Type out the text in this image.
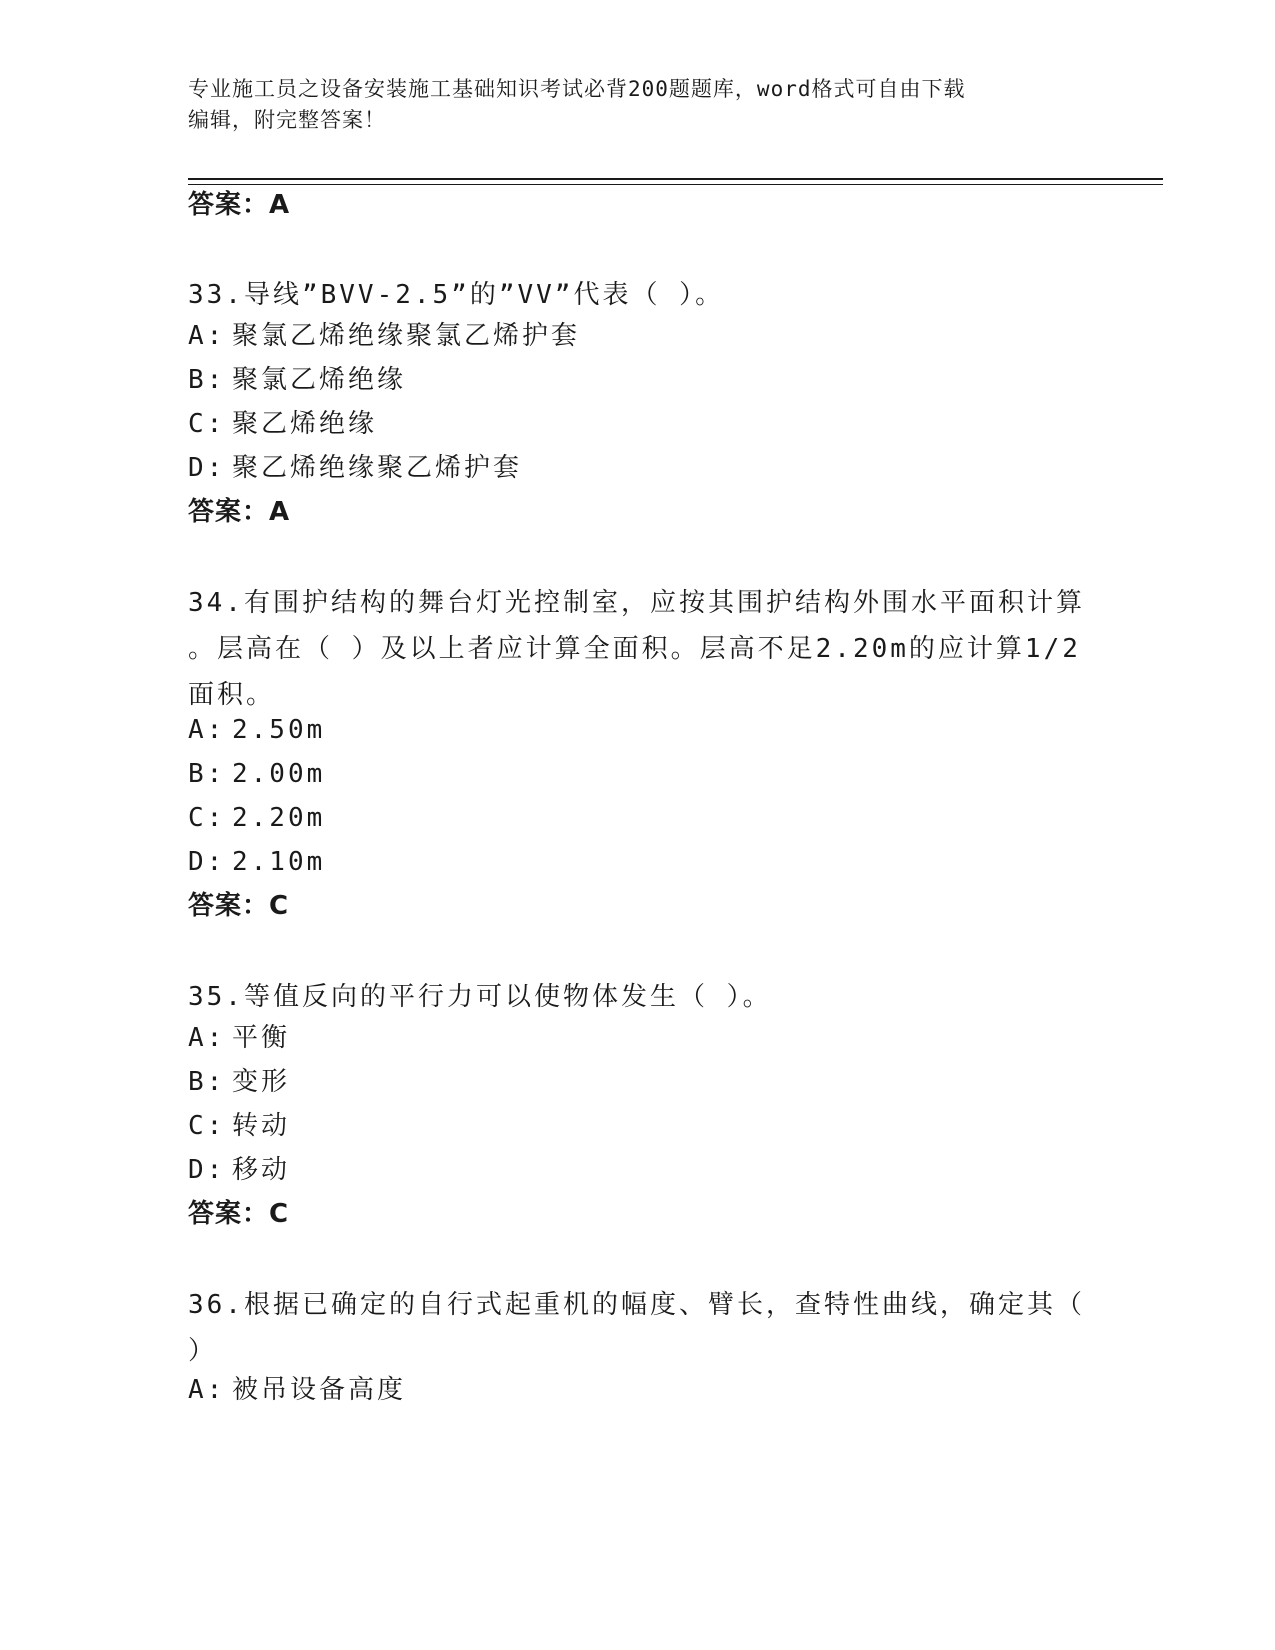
专业施工员之设备安装施工基础知识考试必背200题题库，word格式可自由下载
编辑，附完整答案！
答案：A
33.导线”BVV-2.5”的”VV”代表（ ）。
A: 聚氯乙烯绝缘聚氯乙烯护套
B: 聚氯乙烯绝缘
C: 聚乙烯绝缘
D: 聚乙烯绝缘聚乙烯护套
答案：A
34.有围护结构的舞台灯光控制室，应按其围护结构外围水平面积计算
。层高在（ ）及以上者应计算全面积。层高不足2.20m的应计算1/2
面积。
A: 2.50m
B: 2.00m
C: 2.20m
D: 2.10m
答案：C
35.等值反向的平行力可以使物体发生（ ）。
A: 平衡
B: 变形
C: 转动
D: 移动
答案：C
36.根据已确定的自行式起重机的幅度、臂长，查特性曲线，确定其（
）
A: 被吊设备高度
